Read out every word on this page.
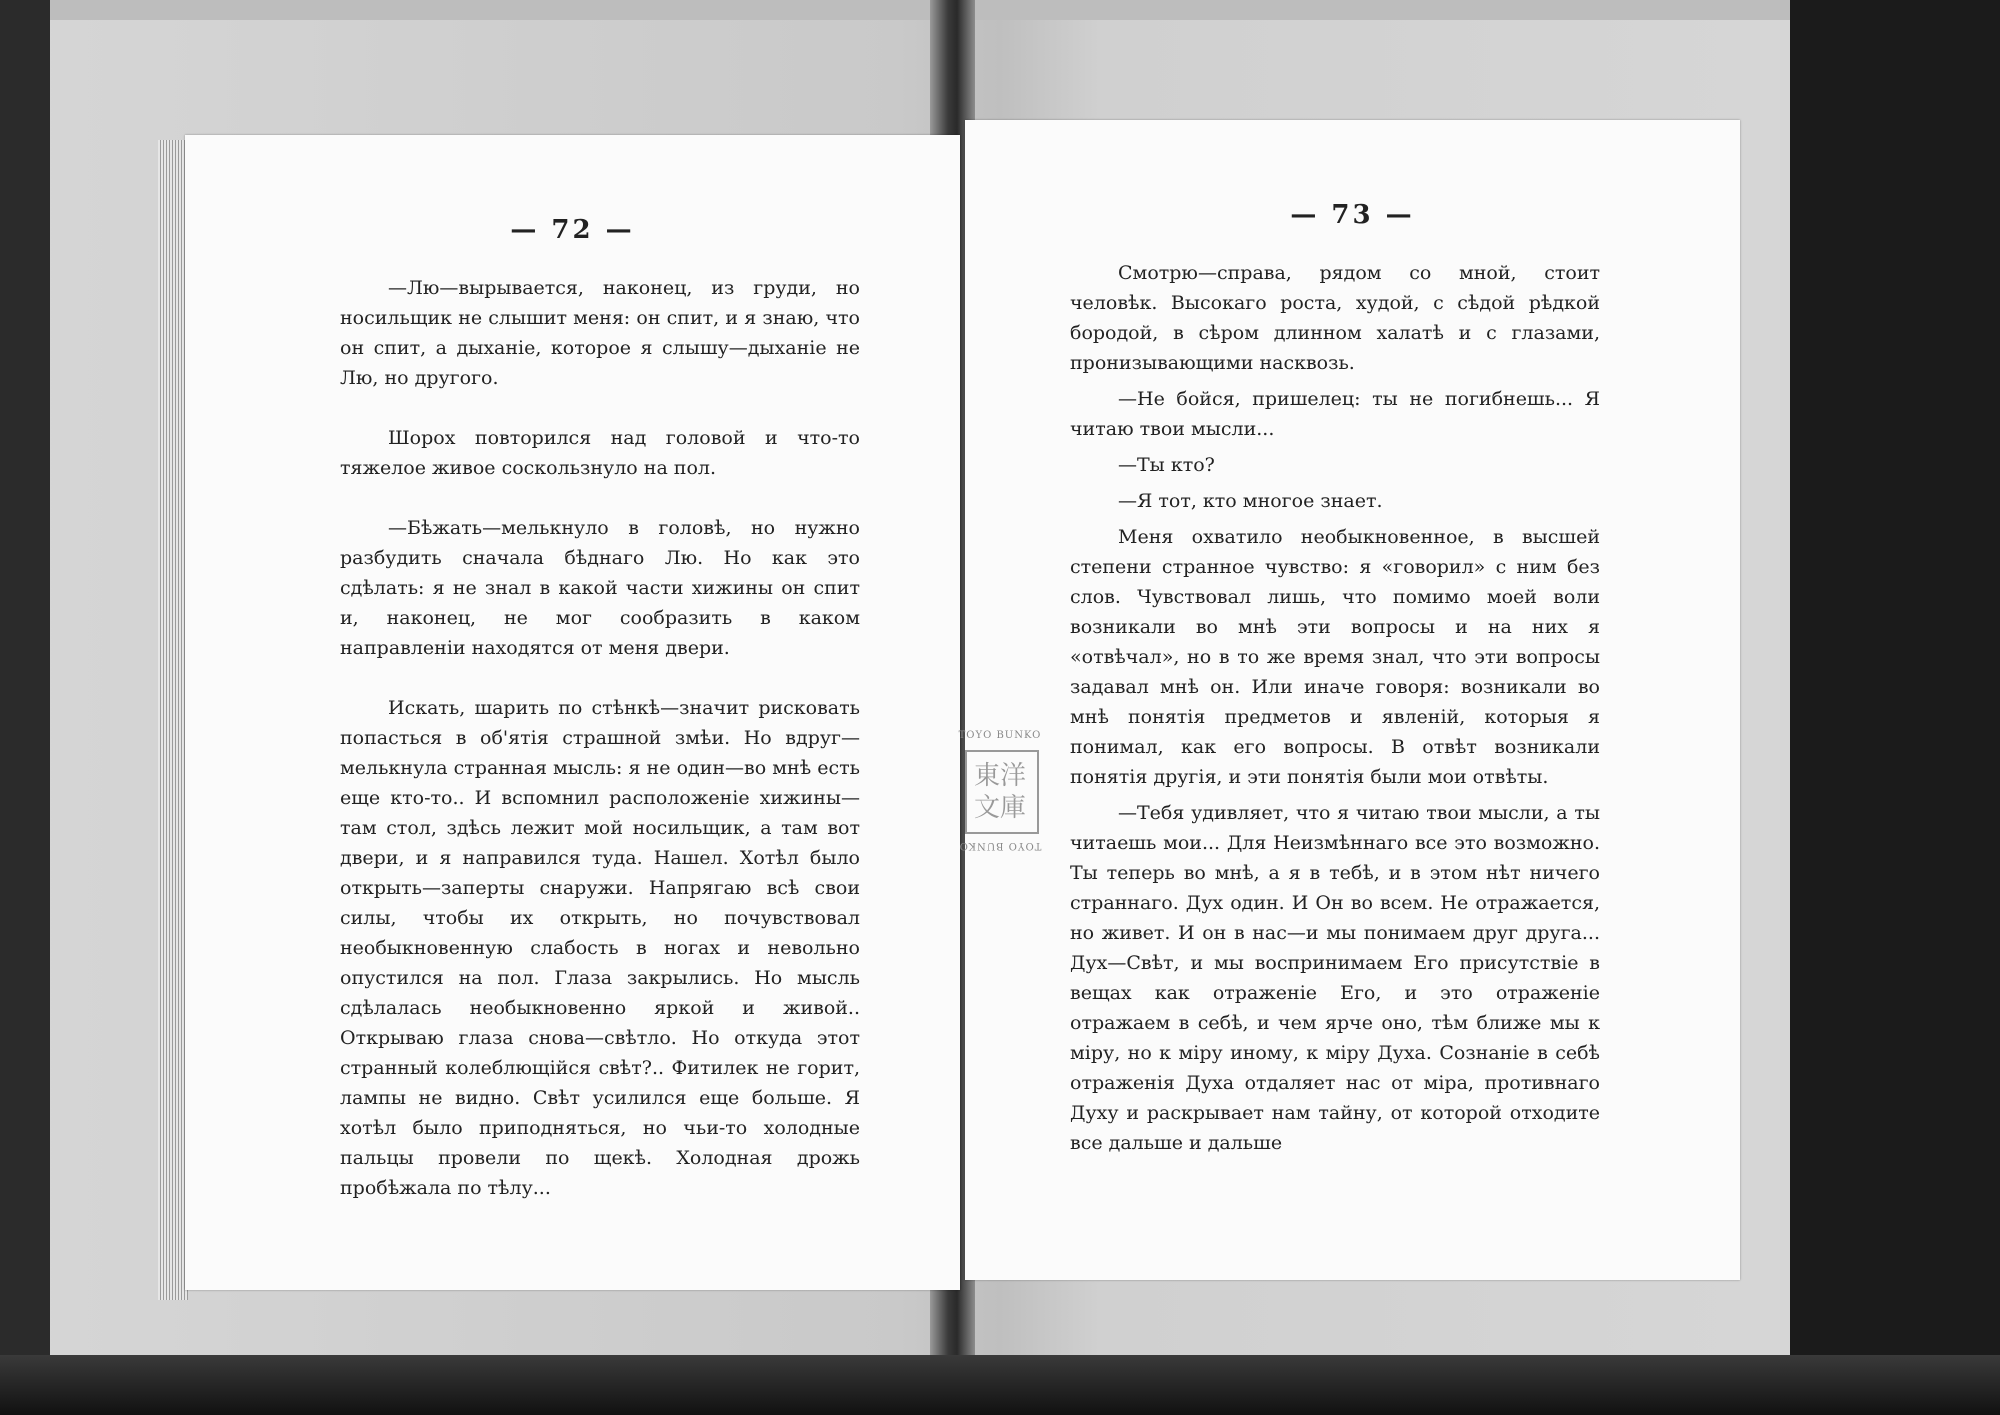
— 72 —

—Лю—вырывается, наконец, из груди, но носильщик не слышит меня: он спит, и я знаю, что он спит, а дыханіе, которое я слышу—дыханіе не Лю, но другого.

Шорох повторился над головой и что-то тяжелое живое соскользнуло на пол.

—Бѣжать—мелькнуло в головѣ, но нужно разбудить сначала бѣднаго Лю. Но как это сдѣлать: я не знал в какой части хижины он спит и, наконец, не мог сообразить в каком направленіи находятся от меня двери.

Искать, шарить по стѣнкѣ—значит рисковать попасться в об'ятія страшной змѣи. Но вдруг—мелькнула странная мысль: я не один—во мнѣ есть еще кто-то.. И вспомнил расположеніе хижины—там стол, здѣсь лежит мой носильщик, а там вот двери, и я направился туда. Нашел. Хотѣл было открыть—заперты снаружи. Напрягаю всѣ свои силы, чтобы их открыть, но почувствовал необыкновенную слабость в ногах и невольно опустился на пол. Глаза закрылись. Но мысль сдѣлалась необыкновенно яркой и живой.. Открываю глаза снова—свѣтло. Но откуда этот странный колеблющійся свѣт?.. Фитилек не горит, лампы не видно. Свѣт усилился еще больше. Я хотѣл было приподняться, но чьи-то холодные пальцы провели по щекѣ. Холодная дрожь пробѣжала по тѣлу...

— 73 —

Смотрю—справа, рядом со мной, стоит человѣк. Высокаго роста, худой, с сѣдой рѣдкой бородой, в сѣром длинном халатѣ и с глазами, пронизывающими насквозь.

—Не бойся, пришелец: ты не погибнешь... Я читаю твои мысли...

—Ты кто?

—Я тот, кто многое знает.

Меня охватило необыкновенное, в высшей степени странное чувство: я «говорил» с ним без слов. Чувствовал лишь, что помимо моей воли возникали во мнѣ эти вопросы и на них я «отвѣчал», но в то же время знал, что эти вопросы задавал мнѣ он. Или иначе говоря: возникали во мнѣ понятія предметов и явленій, которыя я понимал, как его вопросы. В отвѣт возникали понятія другія, и эти понятія были мои отвѣты.

—Тебя удивляет, что я читаю твои мысли, а ты читаешь мои... Для Неизмѣннаго все это возможно. Ты теперь во мнѣ, а я в тебѣ, и в этом нѣт ничего страннаго. Дух один. И Он во всем. Не отражается, но живет. И он в нас—и мы понимаем друг друга... Дух—Свѣт, и мы воспринимаем Его присутствіе в вещах как отраженіе Его, и это отраженіе отражаем в себѣ, и чем ярче оно, тѣм ближе мы к міру, но к міру иному, к міру Духа. Сознаніе в себѣ отраженія Духа отдаляет нас от міра, противнаго Духу и раскрывает нам тайну, от которой отходите все дальше и дальше

TOYO BUNKO
東洋文庫
TOYO BUNKO
